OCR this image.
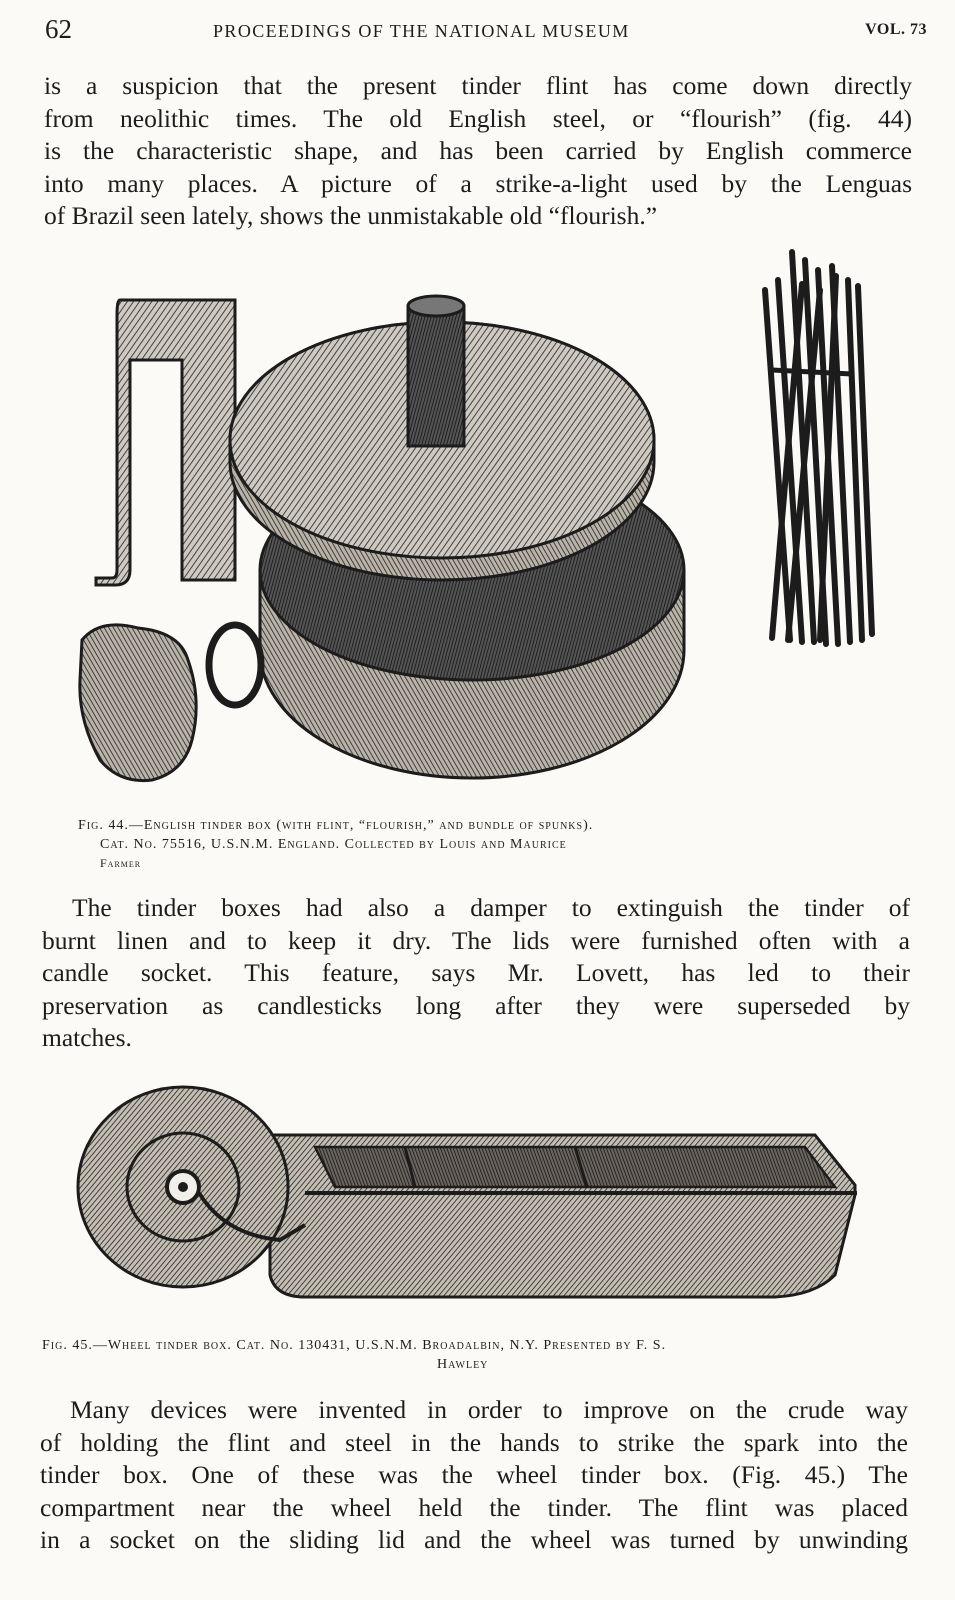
62	PROCEEDINGS OF THE NATIONAL MUSEUM	VOL. 73

is a suspicion that the present tinder flint has come down directly
from neolithic times. The old English steel, or “flourish” (fig. 44)
is the characteristic shape, and has been carried by English commerce
into many places. A picture of a strike-a-light used by the Lenguas
of Brazil seen lately, shows the unmistakable old “flourish.”

Fig. 44.—English tinder box (with flint, “flourish,” and bundle of spunks).
Cat. No. 75516, U.S.N.M. England. Collected by Louis and Maurice
Farmer

The tinder boxes had also a damper to extinguish the tinder of
burnt linen and to keep it dry. The lids were furnished often with a
candle socket. This feature, says Mr. Lovett, has led to their
preservation as candlesticks long after they were superseded by
matches.

Fig. 45.—Wheel tinder box. Cat. No. 130431, U.S.N.M. Broadalbin, N.Y. Presented by F. S.
Hawley

Many devices were invented in order to improve on the crude way
of holding the flint and steel in the hands to strike the spark into the
tinder box. One of these was the wheel tinder box. (Fig. 45.) The
compartment near the wheel held the tinder. The flint was placed
in a socket on the sliding lid and the wheel was turned by unwinding
